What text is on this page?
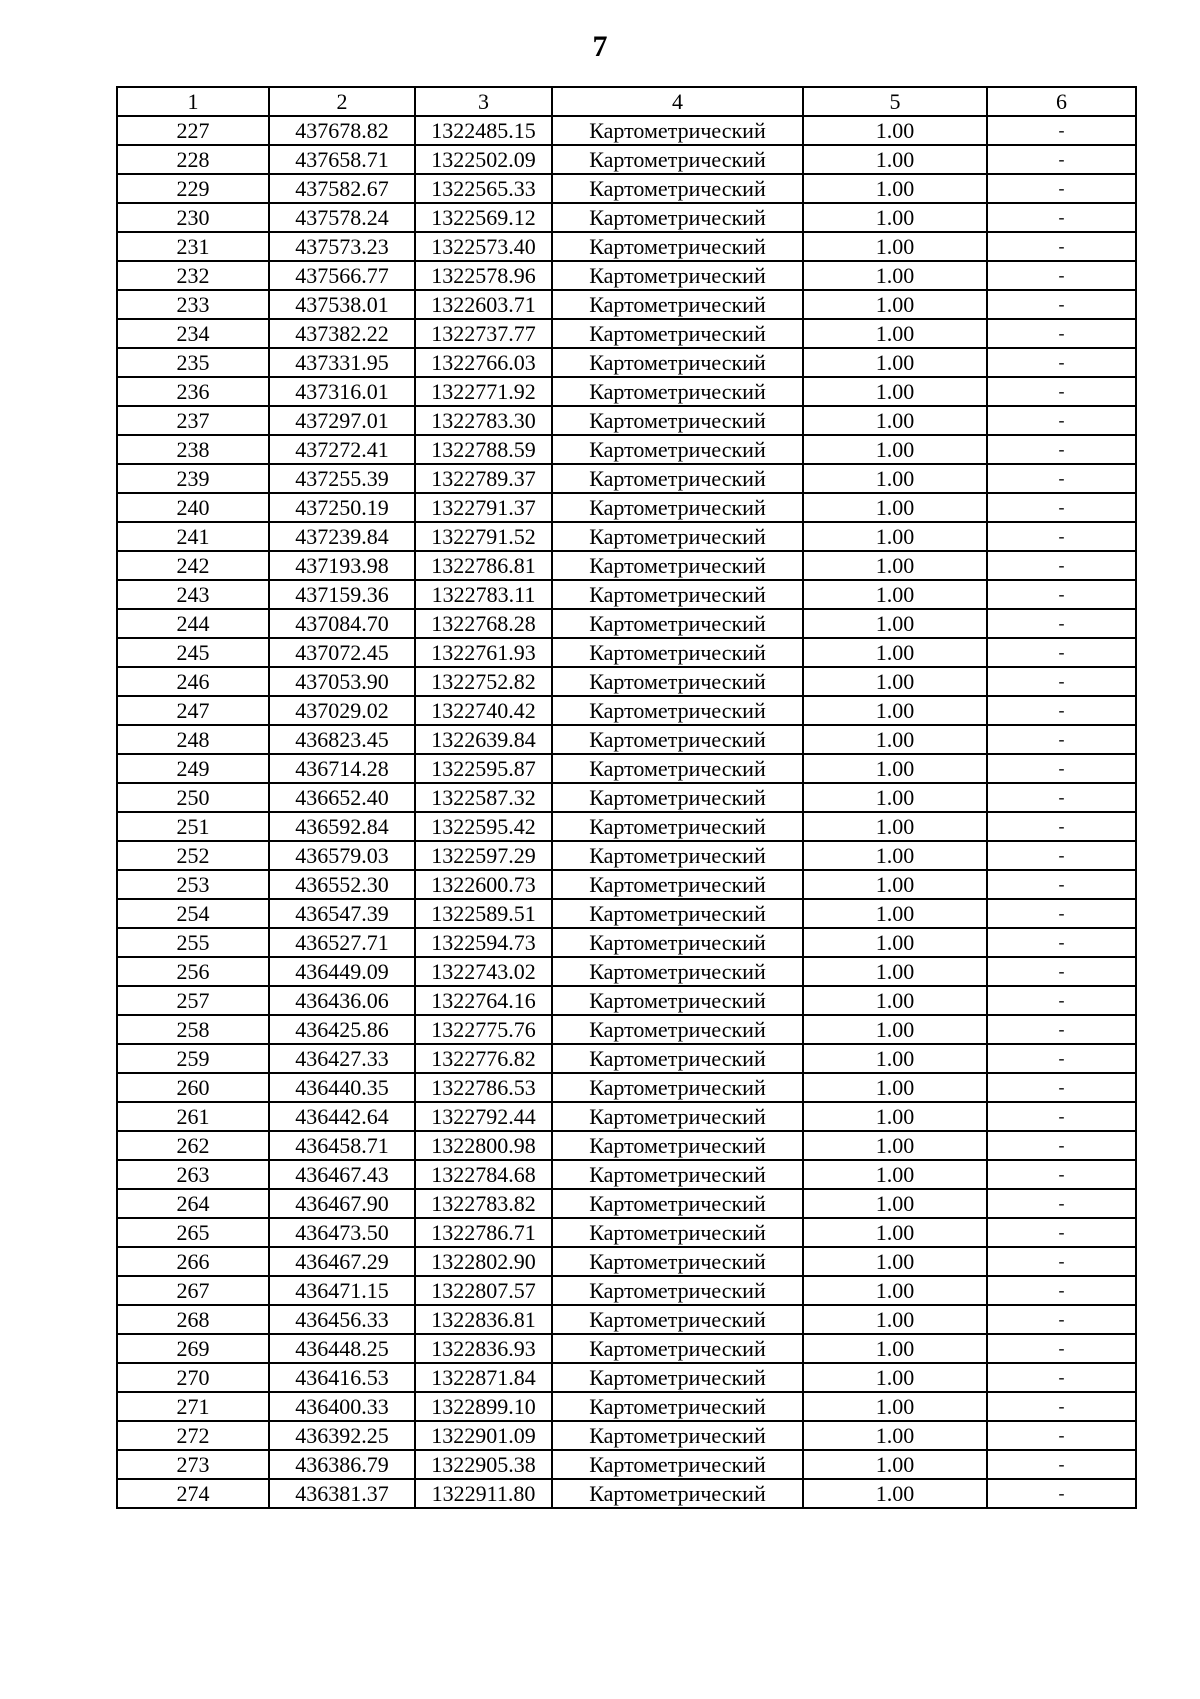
7
1	2	3	4	5	6
227	437678.82	1322485.15	Картометрический	1.00	-
228	437658.71	1322502.09	Картометрический	1.00	-
229	437582.67	1322565.33	Картометрический	1.00	-
230	437578.24	1322569.12	Картометрический	1.00	-
231	437573.23	1322573.40	Картометрический	1.00	-
232	437566.77	1322578.96	Картометрический	1.00	-
233	437538.01	1322603.71	Картометрический	1.00	-
234	437382.22	1322737.77	Картометрический	1.00	-
235	437331.95	1322766.03	Картометрический	1.00	-
236	437316.01	1322771.92	Картометрический	1.00	-
237	437297.01	1322783.30	Картометрический	1.00	-
238	437272.41	1322788.59	Картометрический	1.00	-
239	437255.39	1322789.37	Картометрический	1.00	-
240	437250.19	1322791.37	Картометрический	1.00	-
241	437239.84	1322791.52	Картометрический	1.00	-
242	437193.98	1322786.81	Картометрический	1.00	-
243	437159.36	1322783.11	Картометрический	1.00	-
244	437084.70	1322768.28	Картометрический	1.00	-
245	437072.45	1322761.93	Картометрический	1.00	-
246	437053.90	1322752.82	Картометрический	1.00	-
247	437029.02	1322740.42	Картометрический	1.00	-
248	436823.45	1322639.84	Картометрический	1.00	-
249	436714.28	1322595.87	Картометрический	1.00	-
250	436652.40	1322587.32	Картометрический	1.00	-
251	436592.84	1322595.42	Картометрический	1.00	-
252	436579.03	1322597.29	Картометрический	1.00	-
253	436552.30	1322600.73	Картометрический	1.00	-
254	436547.39	1322589.51	Картометрический	1.00	-
255	436527.71	1322594.73	Картометрический	1.00	-
256	436449.09	1322743.02	Картометрический	1.00	-
257	436436.06	1322764.16	Картометрический	1.00	-
258	436425.86	1322775.76	Картометрический	1.00	-
259	436427.33	1322776.82	Картометрический	1.00	-
260	436440.35	1322786.53	Картометрический	1.00	-
261	436442.64	1322792.44	Картометрический	1.00	-
262	436458.71	1322800.98	Картометрический	1.00	-
263	436467.43	1322784.68	Картометрический	1.00	-
264	436467.90	1322783.82	Картометрический	1.00	-
265	436473.50	1322786.71	Картометрический	1.00	-
266	436467.29	1322802.90	Картометрический	1.00	-
267	436471.15	1322807.57	Картометрический	1.00	-
268	436456.33	1322836.81	Картометрический	1.00	-
269	436448.25	1322836.93	Картометрический	1.00	-
270	436416.53	1322871.84	Картометрический	1.00	-
271	436400.33	1322899.10	Картометрический	1.00	-
272	436392.25	1322901.09	Картометрический	1.00	-
273	436386.79	1322905.38	Картометрический	1.00	-
274	436381.37	1322911.80	Картометрический	1.00	-
